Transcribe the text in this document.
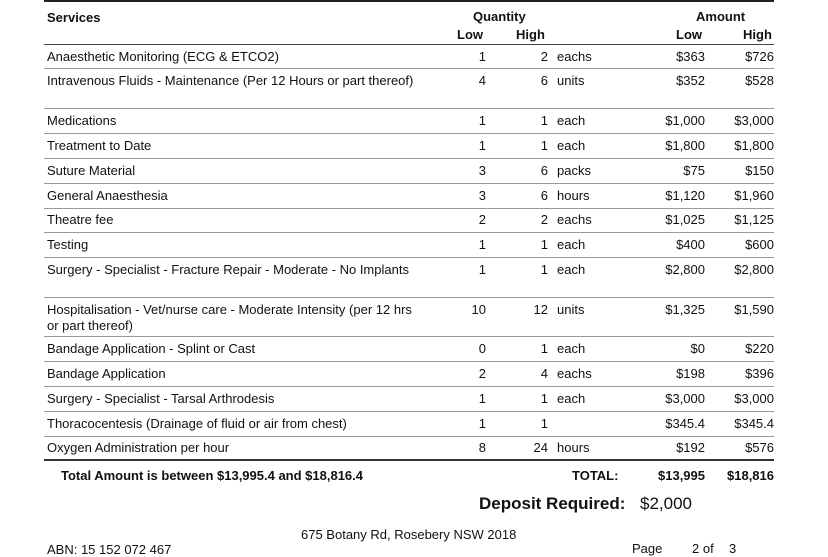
Services	Quantity	Amount
Low	High	Low	High
Anaesthetic Monitoring (ECG & ETCO2)	1	2 eachs	$363	$726
Intravenous Fluids - Maintenance (Per 12 Hours or part thereof)	4	6 units	$352	$528
Medications	1	1 each	$1,000	$3,000
Treatment to Date	1	1 each	$1,800	$1,800
Suture Material	3	6 packs	$75	$150
General Anaesthesia	3	6 hours	$1,120	$1,960
Theatre fee	2	2 eachs	$1,025	$1,125
Testing	1	1 each	$400	$600
Surgery - Specialist - Fracture Repair - Moderate - No Implants	1	1 each	$2,800	$2,800
Hospitalisation - Vet/nurse care - Moderate Intensity (per 12 hrs or part thereof)
10	12 units	$1,325	$1,590
Bandage Application - Splint or Cast	0	1 each	$0	$220
Bandage Application	2	4 eachs	$198	$396
Surgery - Specialist - Tarsal Arthrodesis	1	1 each	$3,000	$3,000
Thoracocentesis (Drainage of fluid or air from chest)	1	1	$345.4	$345.4
Oxygen Administration per hour	8	24 hours	$192	$576
Total Amount is between $13,995.4 and $18,816.4	TOTAL:	$13,995	$18,816
Deposit Required: $2,000
675 Botany Rd, Rosebery NSW 2018
ABN: 15 152 072 467	Page 2 of 3
